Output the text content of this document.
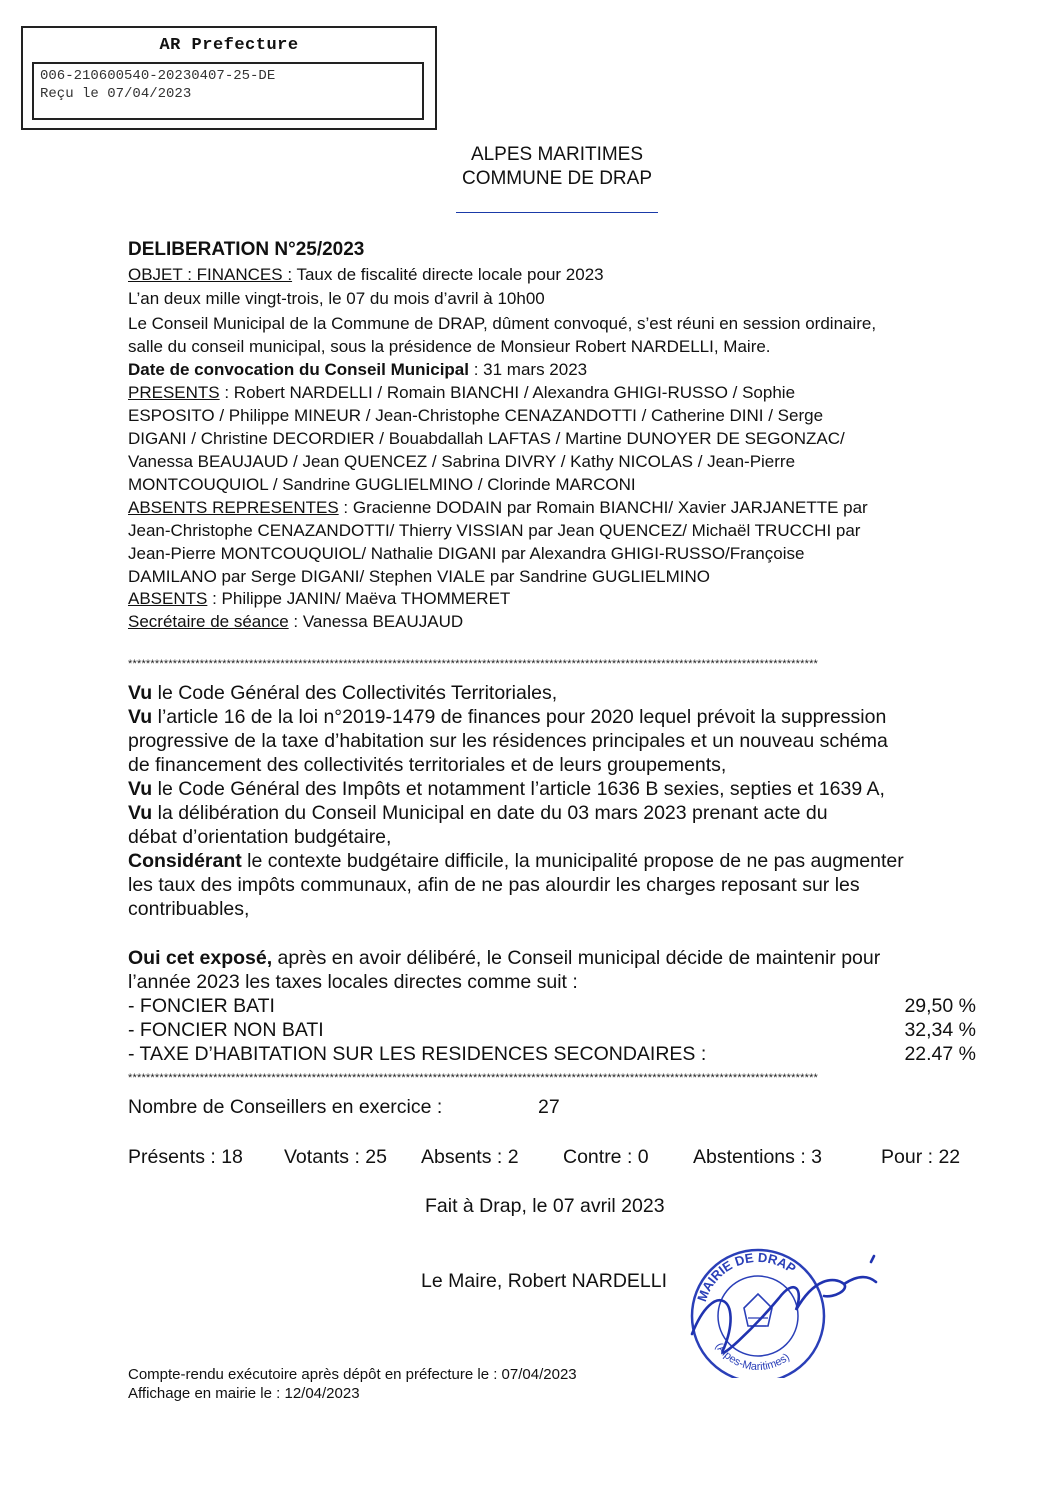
AR Prefecture
006-210600540-20230407-25-DE
Reçu le 07/04/2023
ALPES MARITIMES
COMMUNE DE DRAP
DELIBERATION N°25/2023
OBJET : FINANCES : Taux de fiscalité directe locale pour 2023
L’an deux mille vingt-trois, le 07 du mois d’avril à 10h00
Le Conseil Municipal de la Commune de DRAP, dûment convoqué, s’est réuni en session ordinaire,
salle du conseil municipal, sous la présidence de Monsieur Robert NARDELLI, Maire.
Date de convocation du Conseil Municipal : 31 mars 2023
PRESENTS : Robert NARDELLI / Romain BIANCHI / Alexandra GHIGI-RUSSO / Sophie
ESPOSITO / Philippe MINEUR / Jean-Christophe CENAZANDOTTI / Catherine DINI / Serge
DIGANI / Christine DECORDIER / Bouabdallah LAFTAS / Martine DUNOYER DE SEGONZAC/
Vanessa BEAUJAUD / Jean QUENCEZ / Sabrina DIVRY / Kathy NICOLAS / Jean-Pierre
MONTCOUQUIOL / Sandrine GUGLIELMINO / Clorinde MARCONI
ABSENTS REPRESENTES : Gracienne DODAIN par Romain BIANCHI/ Xavier JARJANETTE par
Jean-Christophe CENAZANDOTTI/ Thierry VISSIAN par Jean QUENCEZ/ Michaël TRUCCHI par
Jean-Pierre MONTCOUQUIOL/ Nathalie DIGANI par Alexandra GHIGI-RUSSO/Françoise
DAMILANO par Serge DIGANI/ Stephen VIALE par Sandrine GUGLIELMINO
ABSENTS : Philippe JANIN/ Maëva THOMMERET
Secrétaire de séance : Vanessa BEAUJAUD
**********************************************************************************************************************************************************
Vu le Code Général des Collectivités Territoriales,
Vu l’article 16 de la loi n°2019-1479 de finances pour 2020 lequel prévoit la suppression
progressive de la taxe d’habitation sur les résidences principales et un nouveau schéma
de financement des collectivités territoriales et de leurs groupements,
Vu le Code Général des Impôts et notamment l’article 1636 B sexies, septies et 1639 A,
Vu la délibération du Conseil Municipal en date du 03 mars 2023 prenant acte du
débat d’orientation budgétaire,
Considérant le contexte budgétaire difficile, la municipalité propose de ne pas augmenter
les taux des impôts communaux, afin de ne pas alourdir les charges reposant sur les
contribuables,
Oui cet exposé, après en avoir délibéré, le Conseil municipal décide de maintenir pour
l’année 2023 les taxes locales directes comme suit :
- FONCIER BATI	29,50 %
- FONCIER NON BATI	32,34 %
- TAXE D’HABITATION SUR LES RESIDENCES SECONDAIRES :	22.47 %
**********************************************************************************************************************************************************
Nombre de Conseillers en exercice :	27
Présents : 18 Votants : 25 Absents : 2 Contre : 0 Abstentions : 3	Pour : 22
Fait à Drap, le 07 avril 2023
Le Maire, Robert NARDELLI
MAIRIE DE DRAP
(Alpes-Maritimes)
Compte-rendu exécutoire après dépôt en préfecture le : 07/04/2023
Affichage en mairie le : 12/04/2023
